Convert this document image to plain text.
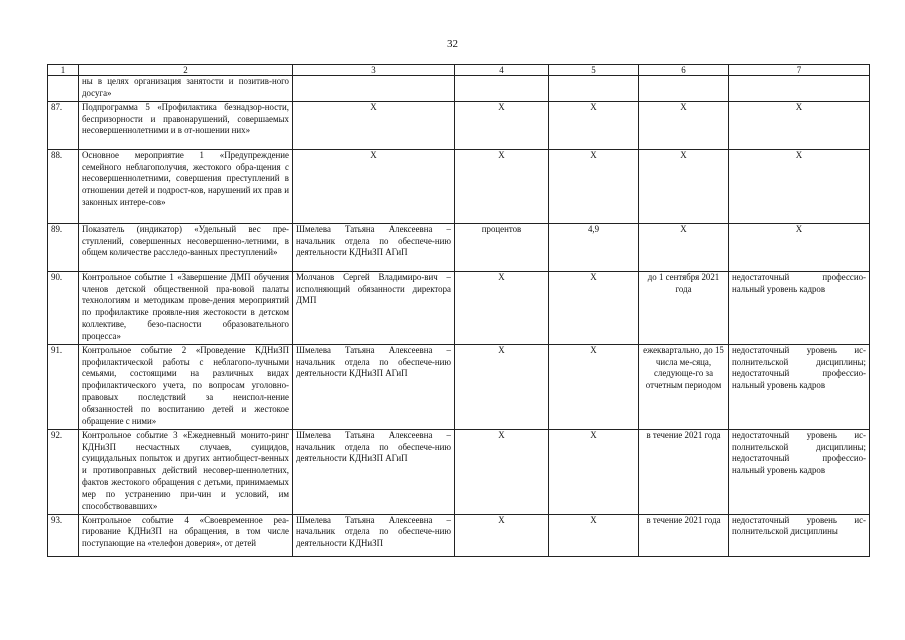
32
1	2	3	4	5	6	7
	ны в целях организация занятости и позитив-ного досуга»					
87.	Подпрограмма 5 «Профилактика безнадзор-ности, беспризорности и правонарушений, совершаемых несовершеннолетними и в от-ношении них»	Х	Х	Х	Х	Х
88.	Основное мероприятие 1 «Предупреждение семейного неблагополучия, жестокого обра-щения с несовершеннолетними, совершения преступлений в отношении детей и подрост-ков, нарушений их прав и законных интере-сов»	Х	Х	Х	Х	Х
89.	Показатель (индикатор) «Удельный вес пре-ступлений, совершенных несовершенно-летними, в общем количестве расследо-ванных преступлений»	Шмелева Татьяна Алексеевна – начальник отдела по обеспече-нию деятельности КДНиЗП АГиП	процентов	4,9	Х	Х
90.	Контрольное событие 1 «Завершение ДМП обучения членов детской общественной пра-вовой палаты технологиям и методикам прове-дения мероприятий по профилактике проявле-ния жестокости в детском коллективе, безо-пасности образовательного процесса»	Молчанов Сергей Владимиро-вич – исполняющий обязанности директора ДМП	Х	Х	до 1 сентября 2021 года	недостаточный профессио-нальный уровень кадров
91.	Контрольное событие 2 «Проведение КДНиЗП профилактической работы с неблагопо-лучными семьями, состоящими на различных видах профилактического учета, по вопросам уголовно-правовых последствий за неиспол-нение обязанностей по воспитанию детей и жестокое обращение с ними»	Шмелева Татьяна Алексеевна – начальник отдела по обеспече-нию деятельности КДНиЗП АГиП	Х	Х	ежеквартально, до 15 числа ме-сяца, следующе-го за отчетным периодом	недостаточный уровень ис-полнительской дисциплины; недостаточный профессио-нальный уровень кадров
92.	Контрольное событие 3 «Ежедневный монито-ринг КДНиЗП несчастных случаев, суицидов, суицидальных попыток и других антиобщест-венных и противоправных действий несовер-шеннолетних, фактов жестокого обращения с детьми, принимаемых мер по устранению при-чин и условий, им способствовавших»	Шмелева Татьяна Алексеевна – начальник отдела по обеспече-нию деятельности КДНиЗП АГиП	Х	Х	в течение 2021 года	недостаточный уровень ис-полнительской дисциплины; недостаточный профессио-нальный уровень кадров
93.	Контрольное событие 4 «Своевременное реа-гирование КДНиЗП на обращения, в том числе поступающие на «телефон доверия», от детей	Шмелева Татьяна Алексеевна – начальник отдела по обеспече-нию деятельности КДНиЗП	Х	Х	в течение 2021 года	недостаточный уровень ис-полнительской дисциплины
